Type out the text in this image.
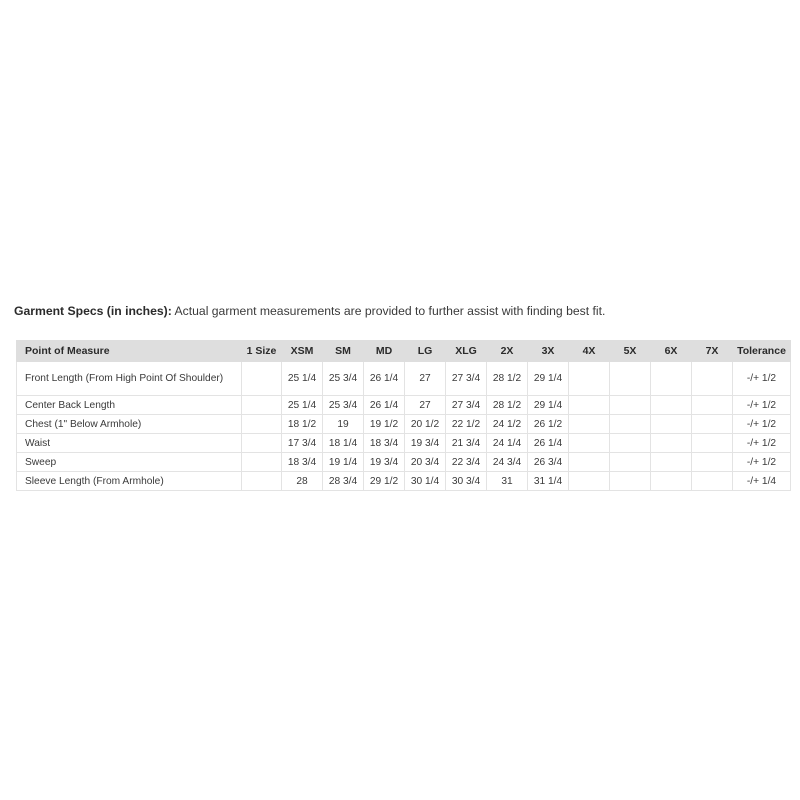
Garment Specs (in inches): Actual garment measurements are provided to further assist with finding best fit.
Point of Measure	1 Size	XSM	SM	MD	LG	XLG	2X	3X	4X	5X	6X	7X	Tolerance
Front Length (From High Point Of Shoulder)		25 1/4	25 3/4	26 1/4	27	27 3/4	28 1/2	29 1/4					-/+ 1/2
Center Back Length		25 1/4	25 3/4	26 1/4	27	27 3/4	28 1/2	29 1/4					-/+ 1/2
Chest (1" Below Armhole)		18 1/2	19	19 1/2	20 1/2	22 1/2	24 1/2	26 1/2					-/+ 1/2
Waist		17 3/4	18 1/4	18 3/4	19 3/4	21 3/4	24 1/4	26 1/4					-/+ 1/2
Sweep		18 3/4	19 1/4	19 3/4	20 3/4	22 3/4	24 3/4	26 3/4					-/+ 1/2
Sleeve Length (From Armhole)		28	28 3/4	29 1/2	30 1/4	30 3/4	31	31 1/4					-/+ 1/4
